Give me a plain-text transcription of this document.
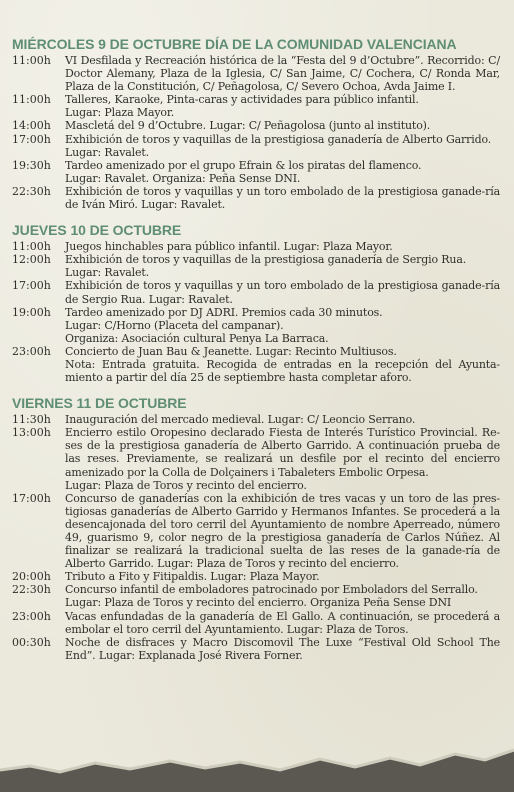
MIÉRCOLES 9 DE OCTUBRE DÍA DE LA COMUNIDAD VALENCIANA
11:00h	VI Desfilada y Recreación histórica de la “Festa del 9 d’Octubre”. Recorrido: C/ Doctor Alemany, Plaza de la Iglesia, C/ San Jaime, C/ Cochera, C/ Ronda Mar, Plaza de la Constitución, C/ Peñagolosa, C/ Severo Ochoa, Avda Jaime I.
11:00h	Talleres, Karaoke, Pinta-caras y actividades para público infantil.
Lugar: Plaza Mayor.
14:00h	Mascletá del 9 d’Octubre. Lugar: C/ Peñagolosa (junto al instituto).
17:00h	Exhibición de toros y vaquillas de la prestigiosa ganadería de Alberto Garrido.
Lugar: Ravalet.
19:30h	Tardeo amenizado por el grupo Efrain & los piratas del flamenco.
Lugar: Ravalet. Organiza: Peña Sense DNI.
22:30h	Exhibición de toros y vaquillas y un toro embolado de la prestigiosa ganade-ría de Iván Miró. Lugar: Ravalet.
JUEVES 10 DE OCTUBRE
11:00h	Juegos hinchables para público infantil. Lugar: Plaza Mayor.
12:00h	Exhibición de toros y vaquillas de la prestigiosa ganadería de Sergio Rua.
Lugar: Ravalet.
17:00h	Exhibición de toros y vaquillas y un toro embolado de la prestigiosa ganade-ría de Sergio Rua. Lugar: Ravalet.
19:00h	Tardeo amenizado por DJ ADRI. Premios cada 30 minutos.
Lugar: C/Horno (Placeta del campanar).
Organiza: Asociación cultural Penya La Barraca.
23:00h	Concierto de Juan Bau & Jeanette. Lugar: Recinto Multiusos.
Nota: Entrada gratuita. Recogida de entradas en la recepción del Ayunta-miento a partir del día 25 de septiembre hasta completar aforo.
VIERNES 11 DE OCTUBRE
11:30h	Inauguración del mercado medieval. Lugar: C/ Leoncio Serrano.
13:00h	Encierro estilo Oropesino declarado Fiesta de Interés Turístico Provincial. Re-ses de la prestigiosa ganadería de Alberto Garrido. A continuación prueba de las reses. Previamente, se realizará un desfile por el recinto del encierro amenizado por la Colla de Dolçainers i Tabaleters Embolic Orpesa.
Lugar: Plaza de Toros y recinto del encierro.
17:00h	Concurso de ganaderías con la exhibición de tres vacas y un toro de las pres-tigiosas ganaderías de Alberto Garrido y Hermanos Infantes. Se procederá a la desencajonada del toro cerril del Ayuntamiento de nombre Aperreado, número 49, guarismo 9, color negro de la prestigiosa ganadería de Carlos Núñez. Al finalizar se realizará la tradicional suelta de las reses de la ganade-ría de Alberto Garrido. Lugar: Plaza de Toros y recinto del encierro.
20:00h	Tributo a Fito y Fitipaldis. Lugar: Plaza Mayor.
22:30h	Concurso infantil de emboladores patrocinado por Emboladors del Serrallo.
Lugar: Plaza de Toros y recinto del encierro. Organiza Peña Sense DNI
23:00h	Vacas enfundadas de la ganadería de El Gallo. A continuación, se procederá a embolar el toro cerril del Ayuntamiento. Lugar: Plaza de Toros.
00:30h	Noche de disfraces y Macro Discomovil The Luxe “Festival Old School The End”. Lugar: Explanada José Rivera Forner.
